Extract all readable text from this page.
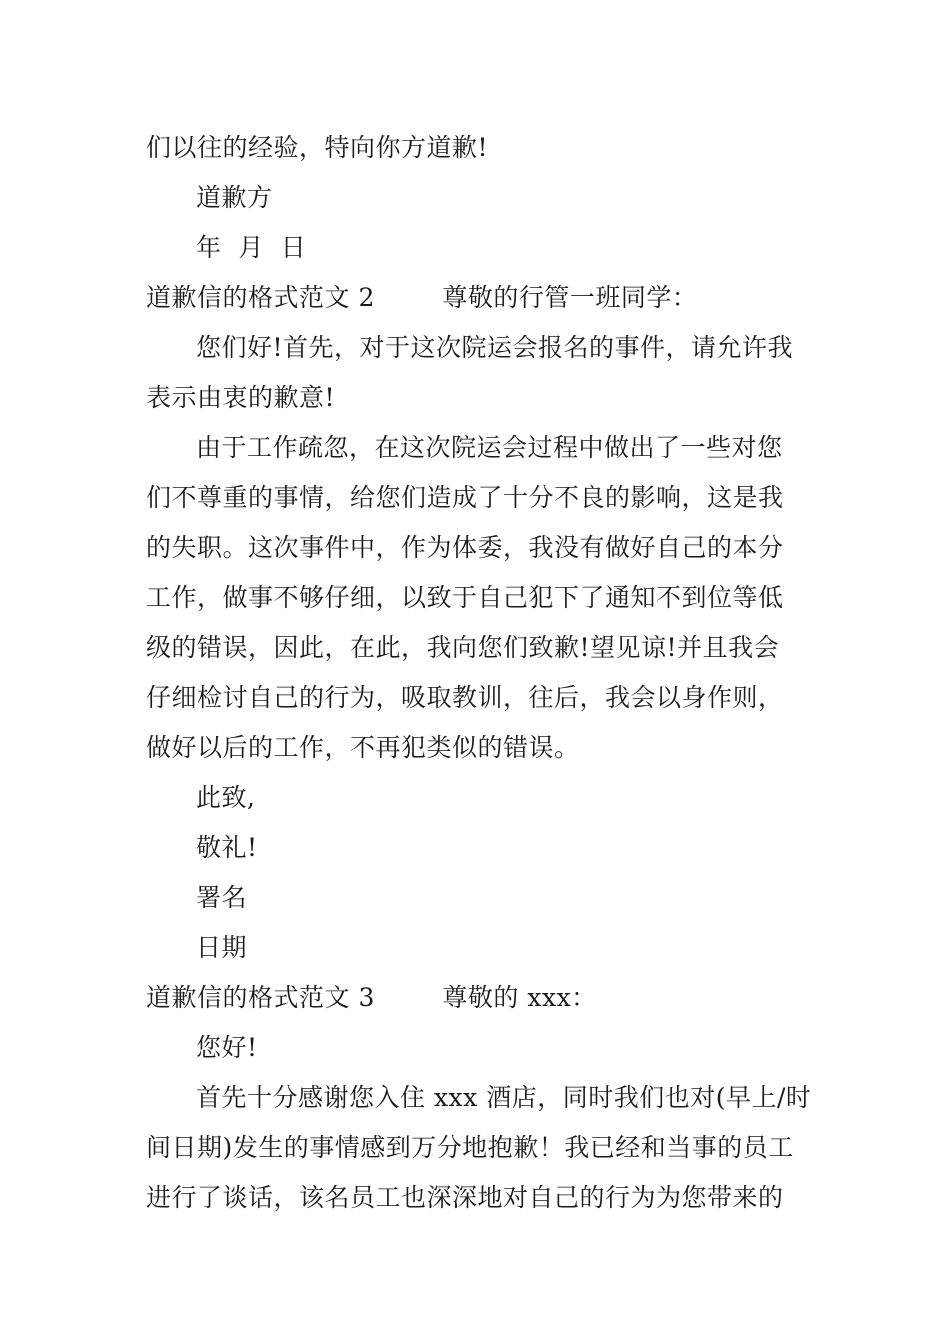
们以往的经验，特向你方道歉!
道歉方
年  月  日
道歉信的格式范文 2        尊敬的行管一班同学：
您们好!首先，对于这次院运会报名的事件，请允许我
表示由衷的歉意!
由于工作疏忽，在这次院运会过程中做出了一些对您
们不尊重的事情，给您们造成了十分不良的影响，这是我
的失职。这次事件中，作为体委，我没有做好自己的本分
工作，做事不够仔细，以致于自己犯下了通知不到位等低
级的错误，因此，在此，我向您们致歉!望见谅!并且我会
仔细检讨自己的行为，吸取教训，往后，我会以身作则，
做好以后的工作，不再犯类似的错误。
此致,
敬礼!
署名
日期
道歉信的格式范文 3        尊敬的 xxx：
您好!
首先十分感谢您入住 xxx 酒店，同时我们也对(早上/时
间日期)发生的事情感到万分地抱歉！我已经和当事的员工
进行了谈话，该名员工也深深地对自己的行为为您带来的
